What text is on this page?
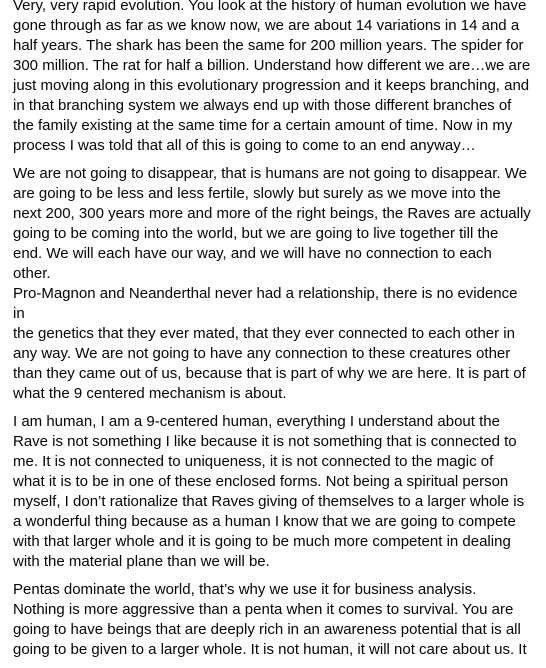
Very, very rapid evolution. You look at the history of human evolution we have
gone through as far as we know now, we are about 14 variations in 14 and a
half years. The shark has been the same for 200 million years. The spider for
300 million. The rat for half a billion. Understand how different we are…we are
just moving along in this evolutionary progression and it keeps branching, and
in that branching system we always end up with those different branches of
the family existing at the same time for a certain amount of time. Now in my
process I was told that all of this is going to come to an end anyway…

We are not going to disappear, that is humans are not going to disappear. We
are going to be less and less fertile, slowly but surely as we move into the
next 200, 300 years more and more of the right beings, the Raves are actually
going to be coming into the world, but we are going to live together till the
end. We will each have our way, and we will have no connection to each other.
Pro-Magnon and Neanderthal never had a relationship, there is no evidence in
the genetics that they ever mated, that they ever connected to each other in
any way. We are not going to have any connection to these creatures other
than they came out of us, because that is part of why we are here. It is part of
what the 9 centered mechanism is about.

I am human, I am a 9-centered human, everything I understand about the
Rave is not something I like because it is not something that is connected to
me. It is not connected to uniqueness, it is not connected to the magic of
what it is to be in one of these enclosed forms. Not being a spiritual person
myself, I don’t rationalize that Raves giving of themselves to a larger whole is
a wonderful thing because as a human I know that we are going to compete
with that larger whole and it is going to be much more competent in dealing
with the material plane than we will be.

Pentas dominate the world, that’s why we use it for business analysis.
Nothing is more aggressive than a penta when it comes to survival. You are
going to have beings that are deeply rich in an awareness potential that is all
going to be given to a larger whole. It is not human, it will not care about us. It
